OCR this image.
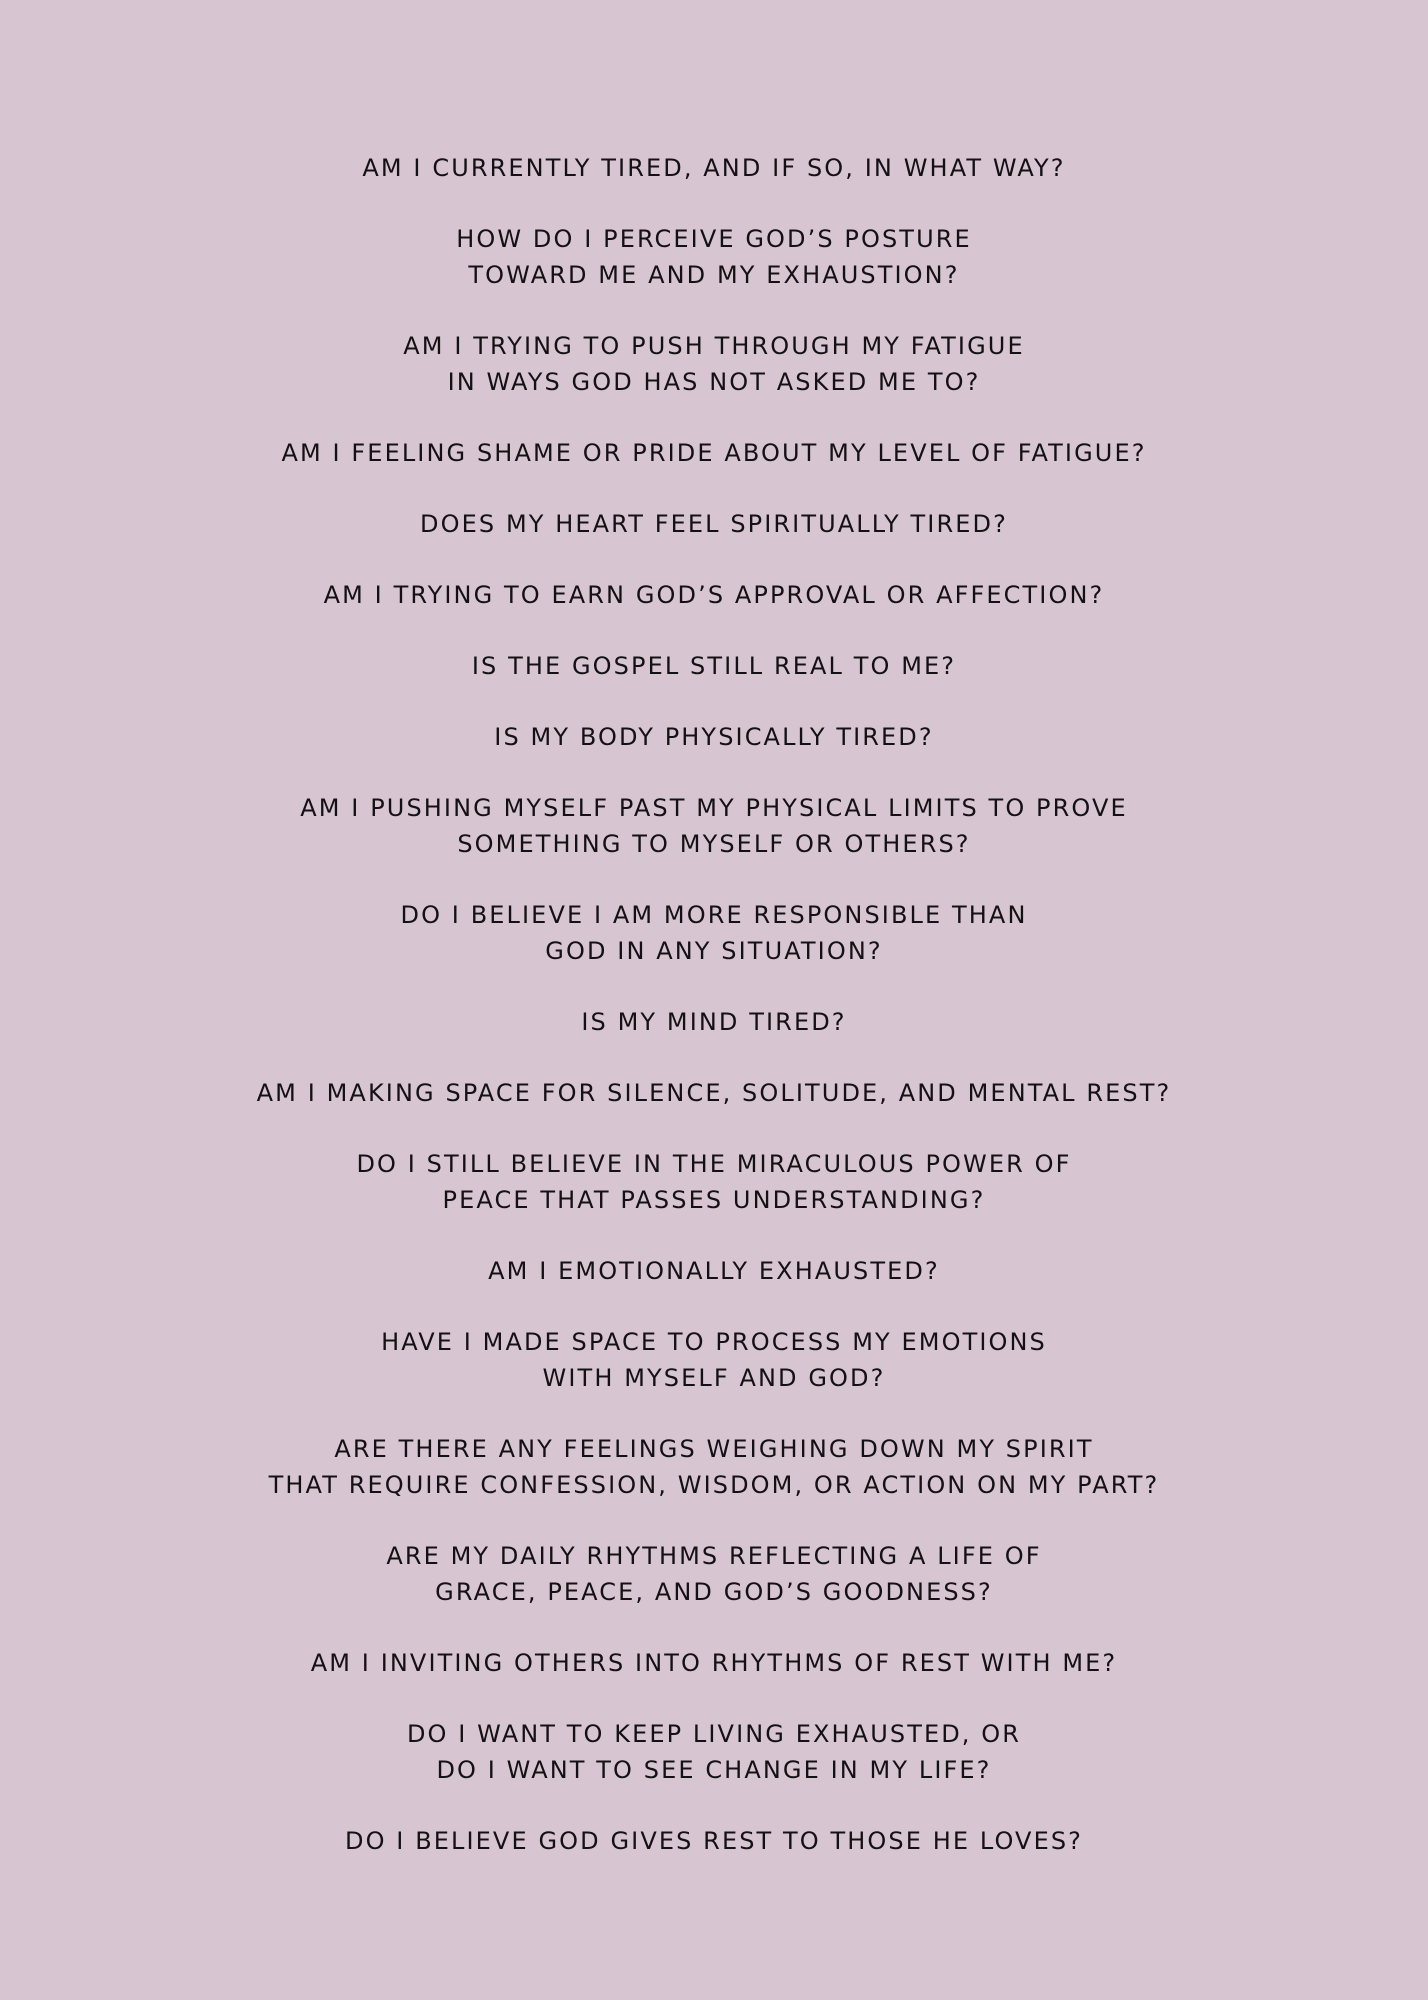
AM I CURRENTLY TIRED, AND IF SO, IN WHAT WAY?
HOW DO I PERCEIVE GOD’S POSTURE
TOWARD ME AND MY EXHAUSTION?
AM I TRYING TO PUSH THROUGH MY FATIGUE
IN WAYS GOD HAS NOT ASKED ME TO?
AM I FEELING SHAME OR PRIDE ABOUT MY LEVEL OF FATIGUE?
DOES MY HEART FEEL SPIRITUALLY TIRED?
AM I TRYING TO EARN GOD’S APPROVAL OR AFFECTION?
IS THE GOSPEL STILL REAL TO ME?
IS MY BODY PHYSICALLY TIRED?
AM I PUSHING MYSELF PAST MY PHYSICAL LIMITS TO PROVE
SOMETHING TO MYSELF OR OTHERS?
DO I BELIEVE I AM MORE RESPONSIBLE THAN
GOD IN ANY SITUATION?
IS MY MIND TIRED?
AM I MAKING SPACE FOR SILENCE, SOLITUDE, AND MENTAL REST?
DO I STILL BELIEVE IN THE MIRACULOUS POWER OF
PEACE THAT PASSES UNDERSTANDING?
AM I EMOTIONALLY EXHAUSTED?
HAVE I MADE SPACE TO PROCESS MY EMOTIONS
WITH MYSELF AND GOD?
ARE THERE ANY FEELINGS WEIGHING DOWN MY SPIRIT
THAT REQUIRE CONFESSION, WISDOM, OR ACTION ON MY PART?
ARE MY DAILY RHYTHMS REFLECTING A LIFE OF
GRACE, PEACE, AND GOD’S GOODNESS?
AM I INVITING OTHERS INTO RHYTHMS OF REST WITH ME?
DO I WANT TO KEEP LIVING EXHAUSTED, OR
DO I WANT TO SEE CHANGE IN MY LIFE?
DO I BELIEVE GOD GIVES REST TO THOSE HE LOVES?
